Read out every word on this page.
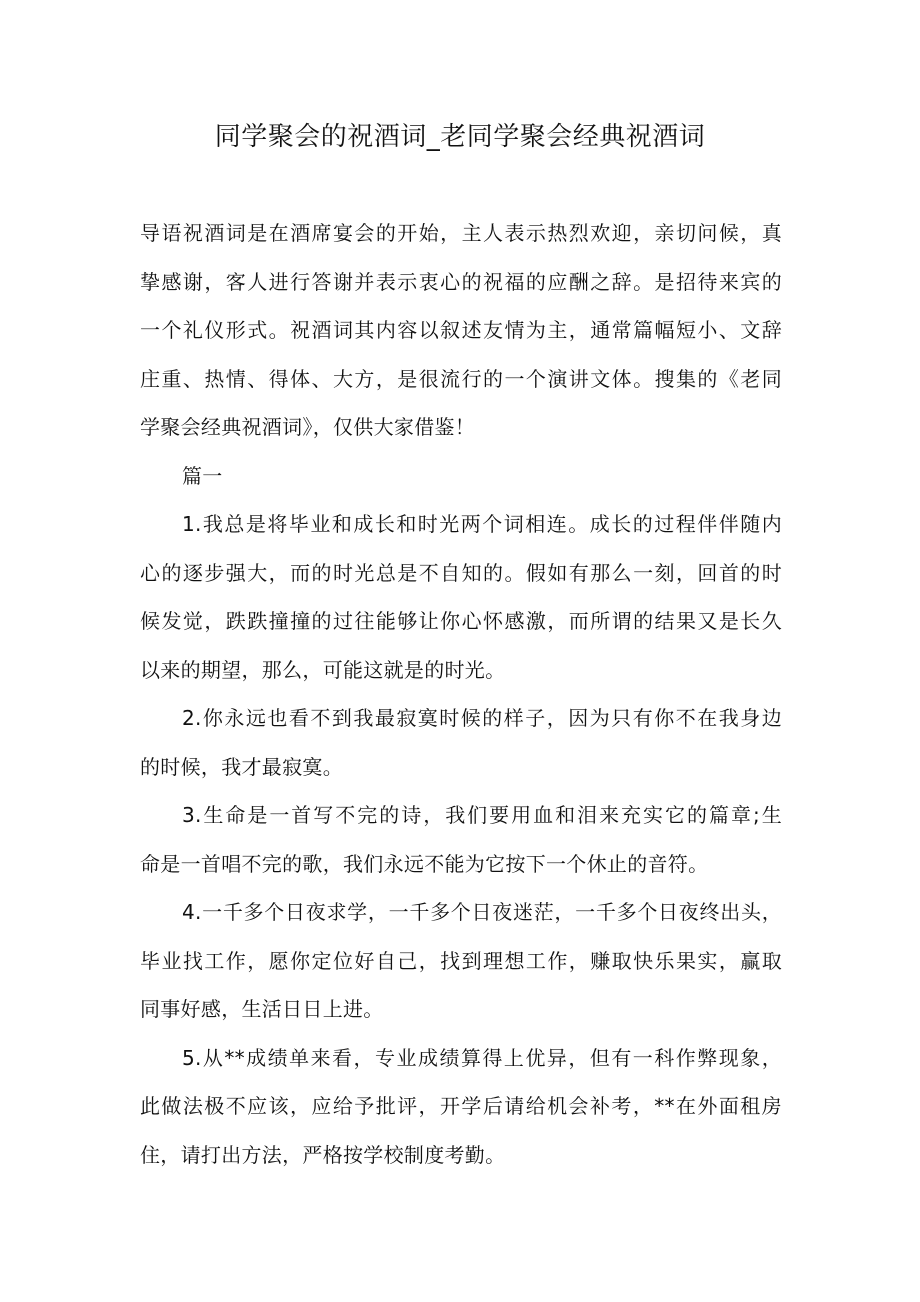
同学聚会的祝酒词_老同学聚会经典祝酒词

导语祝酒词是在酒席宴会的开始，主人表示热烈欢迎，亲切问候，真
挚感谢，客人进行答谢并表示衷心的祝福的应酬之辞。是招待来宾的
一个礼仪形式。祝酒词其内容以叙述友情为主，通常篇幅短小、文辞
庄重、热情、得体、大方，是很流行的一个演讲文体。搜集的《老同
学聚会经典祝酒词》，仅供大家借鉴！

篇一

1.我总是将毕业和成长和时光两个词相连。成长的过程伴伴随内
心的逐步强大，而的时光总是不自知的。假如有那么一刻，回首的时
候发觉，跌跌撞撞的过往能够让你心怀感激，而所谓的结果又是长久
以来的期望，那么，可能这就是的时光。

2.你永远也看不到我最寂寞时候的样子，因为只有你不在我身边
的时候，我才最寂寞。

3.生命是一首写不完的诗，我们要用血和泪来充实它的篇章;生
命是一首唱不完的歌，我们永远不能为它按下一个休止的音符。

4.一千多个日夜求学，一千多个日夜迷茫，一千多个日夜终出头，
毕业找工作，愿你定位好自己，找到理想工作，赚取快乐果实，赢取
同事好感，生活日日上进。

5.从**成绩单来看，专业成绩算得上优异，但有一科作弊现象，
此做法极不应该，应给予批评，开学后请给机会补考，**在外面租房
住，请打出方法，严格按学校制度考勤。
